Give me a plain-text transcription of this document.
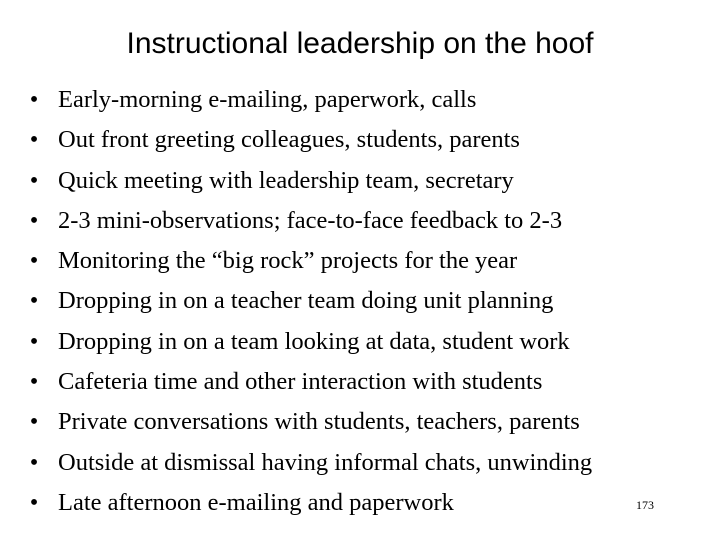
Instructional leadership on the hoof
• Early-morning e-mailing, paperwork, calls
• Out front greeting colleagues, students, parents
• Quick meeting with leadership team, secretary
• 2-3 mini-observations; face-to-face feedback to 2-3
• Monitoring the “big rock” projects for the year
• Dropping in on a teacher team doing unit planning
• Dropping in on a team looking at data, student work
• Cafeteria time and other interaction with students
• Private conversations with students, teachers, parents
• Outside at dismissal having informal chats, unwinding
• Late afternoon e-mailing and paperwork	173
